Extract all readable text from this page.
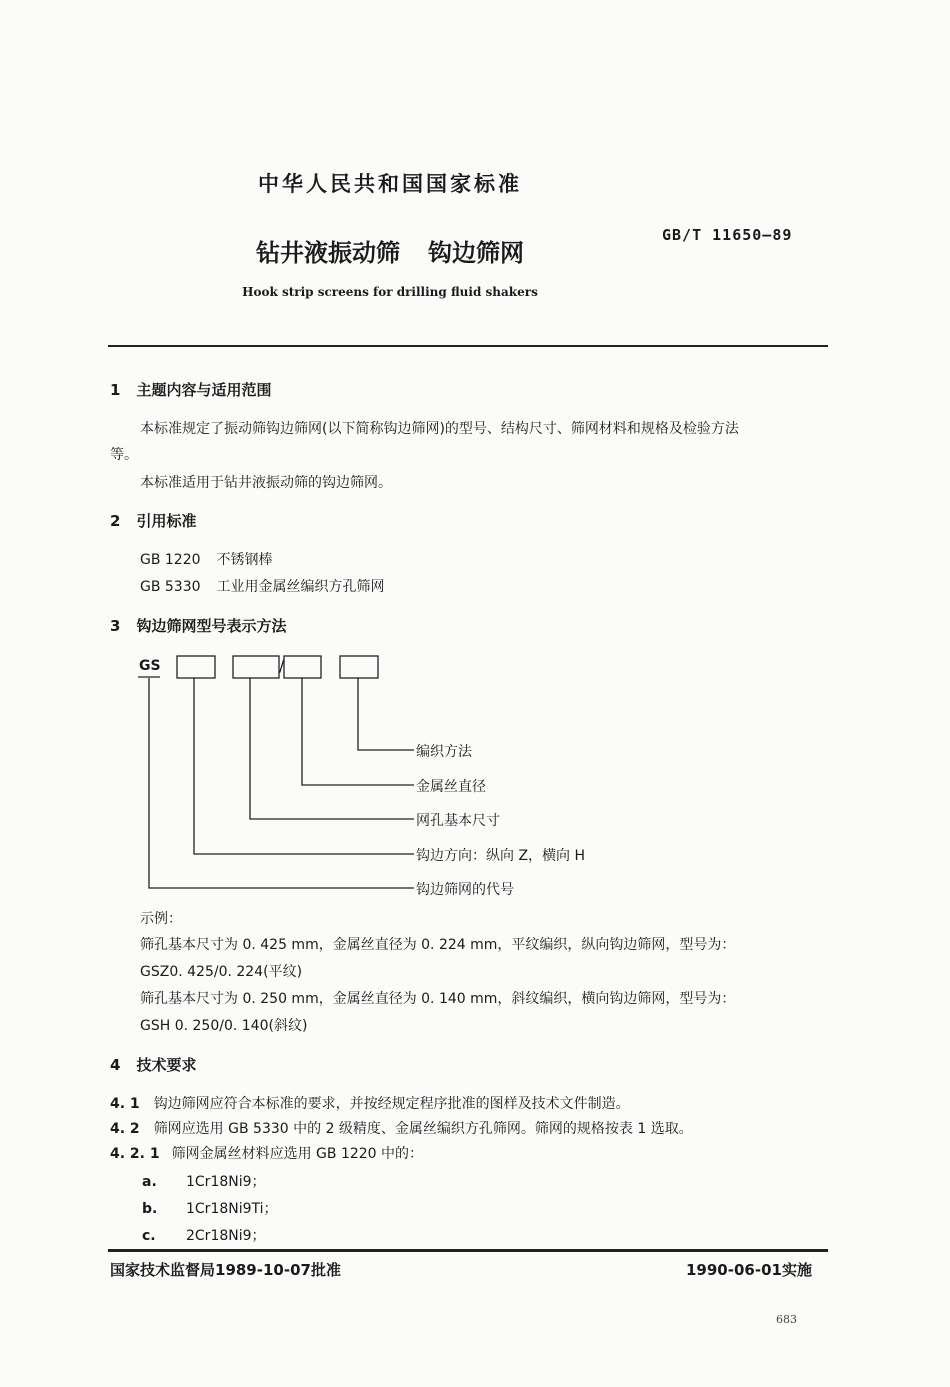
中华人民共和国国家标准
GB/T 11650—89
钻井液振动筛 钩边筛网
Hook strip screens for drilling fluid shakers
1 主题内容与适用范围
本标准规定了振动筛钩边筛网(以下简称钩边筛网)的型号、结构尺寸、筛网材料和规格及检验方法
等。
本标准适用于钻井液振动筛的钩边筛网。
2 引用标准
GB 1220 不锈钢棒
GB 5330 工业用金属丝编织方孔筛网
3 钩边筛网型号表示方法
GS	/
编织方法
金属丝直径
网孔基本尺寸
钩边方向：纵向 Z，横向 H
钩边筛网的代号
示例：
筛孔基本尺寸为 0. 425 mm，金属丝直径为 0. 224 mm，平纹编织，纵向钩边筛网，型号为：
GSZ0. 425/0. 224(平纹)
筛孔基本尺寸为 0. 250 mm，金属丝直径为 0. 140 mm，斜纹编织，横向钩边筛网，型号为：
GSH 0. 250/0. 140(斜纹)
4 技术要求
4. 1 钩边筛网应符合本标准的要求，并按经规定程序批准的图样及技术文件制造。
4. 2 筛网应选用 GB 5330 中的 2 级精度、金属丝编织方孔筛网。筛网的规格按表 1 选取。
4. 2. 1 筛网金属丝材料应选用 GB 1220 中的：
a. 1Cr18Ni9；
b. 1Cr18Ni9Ti；
c. 2Cr18Ni9；
国家技术监督局1989-10-07批准	1990-06-01实施
683
